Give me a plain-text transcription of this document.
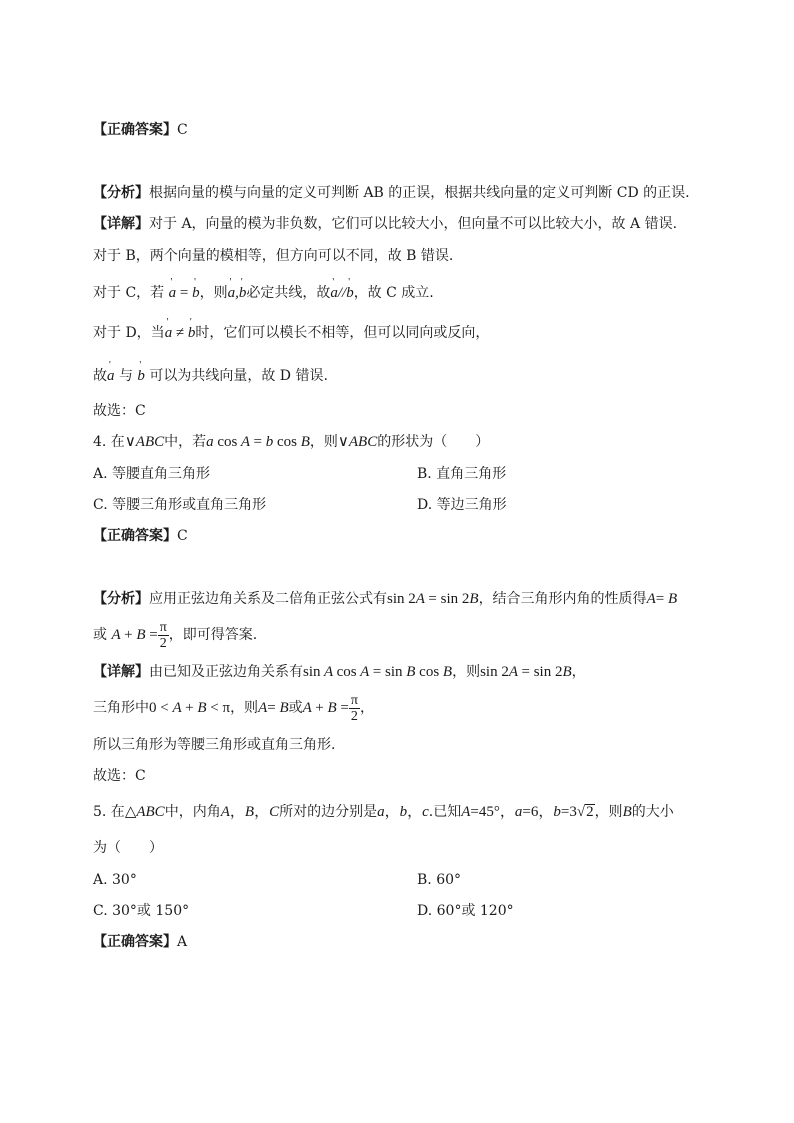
【正确答案】C
【分析】根据向量的模与向量的定义可判断 AB 的正误，根据共线向量的定义可判断 CD 的正误.
【详解】对于 A，向量的模为非负数，它们可以比较大小，但向量不可以比较大小，故 A 错误.
对于 B，两个向量的模相等，但方向可以不同，故 B 错误.
对于 C，若 ' a = ' b，则' a,' b必定共线，故' a//' b，故 C 成立.
对于 D，当' a ≠ ' b时，它们可以模长不相等，但可以同向或反向，
故' a 与 ' b 可以为共线向量，故 D 错误.
故选：C
4. 在∨ABC中，若a cos A = b cos B，则∨ABC的形状为（　　）
A. 等腰直角三角形	B. 直角三角形
C. 等腰三角形或直角三角形	D. 等边三角形
【正确答案】C
【分析】应用正弦边角关系及二倍角正弦公式有sin 2A = sin 2B，结合三角形内角的性质得A= B
或 $A + B = \frac{\pi}{2}$ ，即可得答案.
【详解】由已知及正弦边角关系有sin A cos A = sin B cos B，则sin 2A = sin 2B，
三角形中0 < A + B < π，则A= B或$A + B = \frac{\pi}{2}$ ，
所以三角形为等腰三角形或直角三角形.
故选：C
5. 在△ABC中，内角A，B，C所对的边分别是a，b，c.已知A=45°，a=6，b=3√2，则B的大小
为（　　）
A. 30°	B. 60°
C. 30°或 150°	D. 60°或 120°
【正确答案】A
